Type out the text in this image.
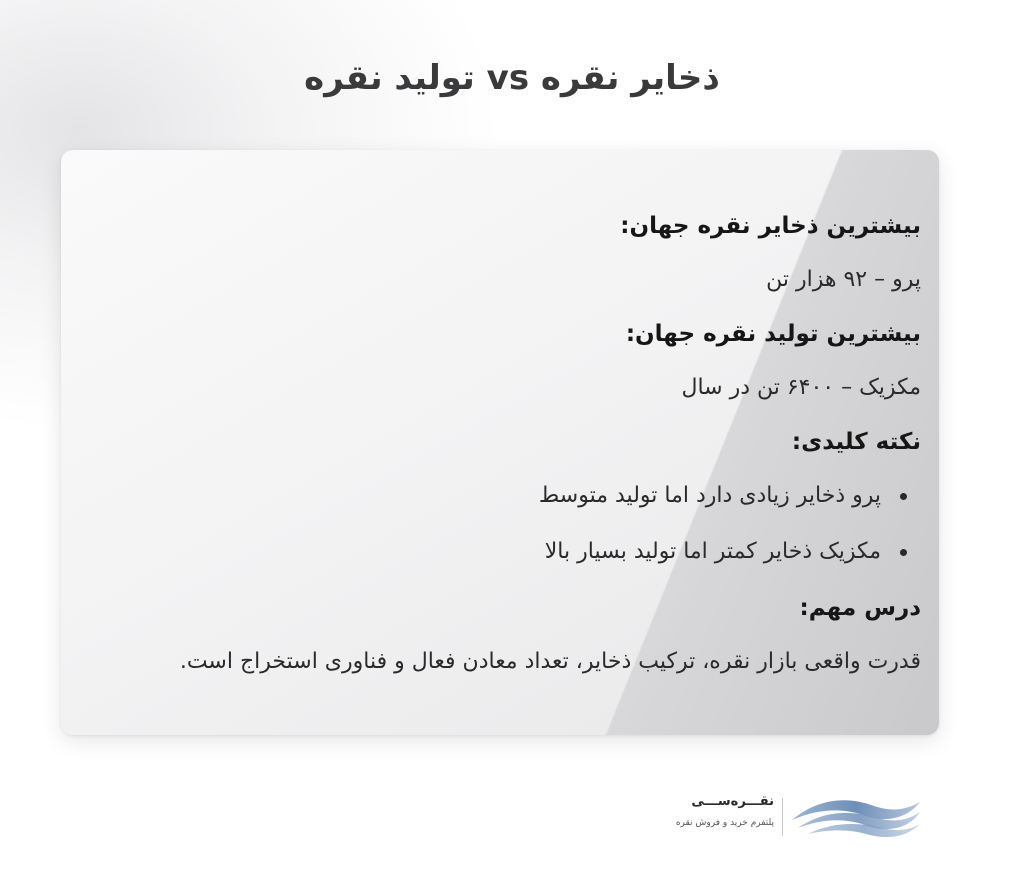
ذخایر نقره vs تولید نقره

بیشترین ذخایر نقره جهان:

پرو – ۹۲ هزار تن

بیشترین تولید نقره جهان:

مکزیک – ۶۴۰۰ تن در سال

نکته کلیدی:

پرو ذخایر زیادی دارد اما تولید متوسط
مکزیک ذخایر کمتر اما تولید بسیار بالا

درس مهم:

قدرت واقعی بازار نقره، ترکیب ذخایر، تعداد معادن فعال و فناوری استخراج است.

نقـــره‌ســـی
پلتفرم خرید و فروش نقره
